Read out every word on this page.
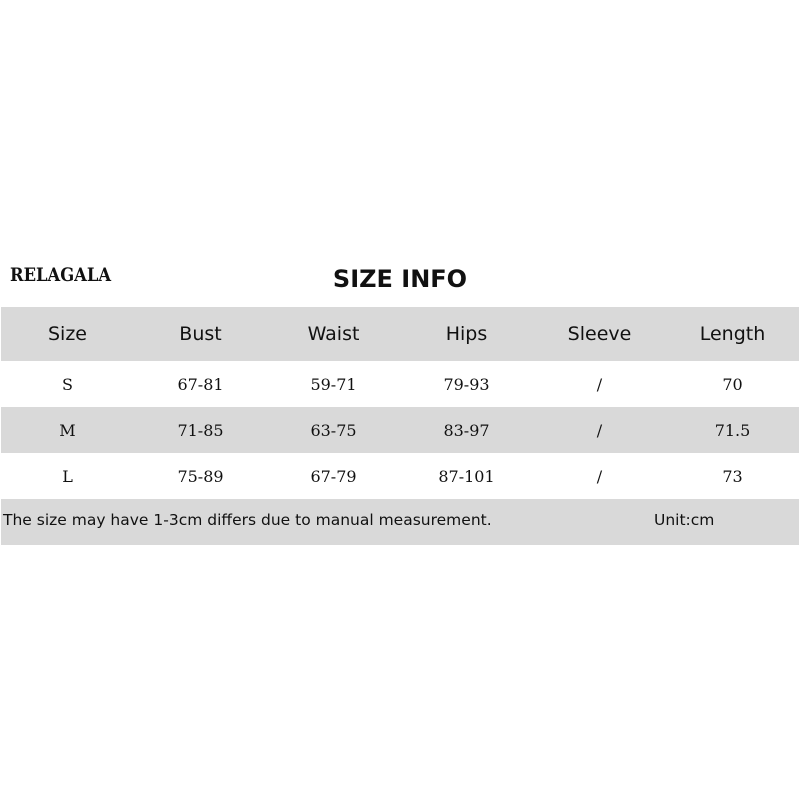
RELAGALA	SIZE INFO
Size	Bust	Waist	Hips	Sleeve	Length
S	67-81	59-71	79-93	/	70
M	71-85	63-75	83-97	/	71.5
L	75-89	67-79	87-101	/	73
The size may have 1-3cm differs due to manual measurement.	Unit:cm
